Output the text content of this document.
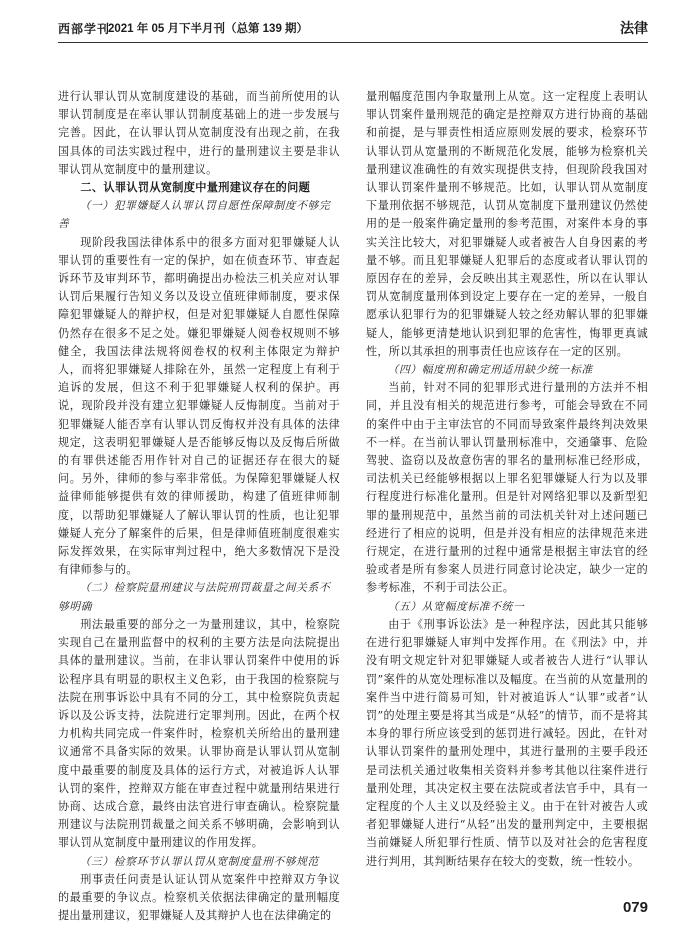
西部学刊
2021 年 05 月下半月刊（总第 139 期）	法律

进行认罪认罚从宽制度建设的基础，而当前所使用的认罪认罚制度是在率认罪认罚制度基础上的进一步发展与完善。因此，在认罪认罚从宽制度没有出现之前，在我国具体的司法实践过程中，进行的量刑建议主要是非认罪认罚从宽制度中的量刑建议。

二、认罪认罚从宽制度中量刑建议存在的问题

（一）犯罪嫌疑人认罪认罚自愿性保障制度不够完善

现阶段我国法律体系中的很多方面对犯罪嫌疑人认罪认罚的重要性有一定的保护，如在侦查环节、审查起诉环节及审判环节，都明确提出办检法三机关应对认罪认罚后果履行告知义务以及设立值班律师制度，要求保障犯罪嫌疑人的辩护权，但是对犯罪嫌疑人自愿性保障仍然存在很多不足之处。嫌犯罪嫌疑人阅卷权规则不够健全，我国法律法规将阅卷权的权利主体限定为辩护人，而将犯罪嫌疑人排除在外，虽然一定程度上有利于追诉的发展，但这不利于犯罪嫌疑人权利的保护。再说，现阶段并没有建立犯罪嫌疑人反悔制度。当前对于犯罪嫌疑人能否享有认罪认罚反悔权并没有具体的法律规定，这表明犯罪嫌疑人是否能够反悔以及反悔后所做的有罪供述能否用作针对自己的证据还存在很大的疑问。另外，律师的参与率非常低。为保障犯罪嫌疑人权益律师能够提供有效的律师援助，构建了值班律师制度，以帮助犯罪嫌疑人了解认罪认罚的性质，也让犯罪嫌疑人充分了解案件的后果，但是律师值班制度很难实际发挥效果，在实际审判过程中，绝大多数情况下是没有律师参与的。

（二）检察院量刑建议与法院刑罚裁量之间关系不够明确

刑法最重要的部分之一为量刑建议，其中，检察院实现自己在量刑监督中的权利的主要方法是向法院提出具体的量刑建议。当前，在非认罪认罚案件中使用的诉讼程序具有明显的职权主义色彩，由于我国的检察院与法院在刑事诉讼中具有不同的分工，其中检察院负责起诉以及公诉支持，法院进行定罪判刑。因此，在两个权力机构共同完成一件案件时，检察机关所给出的量刑建议通常不具备实际的效果。认罪协商是认罪认罚从宽制度中最重要的制度及具体的运行方式，对被追诉人认罪认罚的案件，控辩双方能在审查过程中就量刑结果进行协商、达成合意，最终由法官进行审查确认。检察院量刑建议与法院刑罚裁量之间关系不够明确，会影响到认罪认罚从宽制度中量刑建议的作用发挥。

（三）检察环节认罪认罚从宽制度量刑不够规范

刑事责任问责是认证认罚从宽案件中控辩双方争议的最重要的争议点。检察机关依据法律确定的量刑幅度提出量刑建议，犯罪嫌疑人及其辩护人也在法律确定的

量刑幅度范围内争取量刑上从宽。这一定程度上表明认罪认罚案件量刑规范的确定是控辩双方进行协商的基础和前提，是与罪责性相适应原则发展的要求，检察环节认罪认罚从宽量刑的不断规范化发展，能够为检察机关量刑建议准确性的有效实现提供支持，但现阶段我国对认罪认罚案件量刑不够规范。比如，认罪认罚从宽制度下量刑依据不够规范，认罚从宽制度下量刑建议仍然使用的是一般案件确定量刑的参考范围，对案件本身的事实关注比较大，对犯罪嫌疑人或者被告人自身因素的考量不够。而且犯罪嫌疑人犯罪后的态度或者认罪认罚的原因存在的差异，会反映出其主观恶性，所以在认罪认罚从宽制度量刑体到设定上要存在一定的差异，一般自愿承认犯罪行为的犯罪嫌疑人较之经劝解认罪的犯罪嫌疑人，能够更清楚地认识到犯罪的危害性，悔罪更真诚性，所以其承担的刑事责任也应该存在一定的区别。

（四）幅度刑和确定刑适用缺少统一标准

当前，针对不同的犯罪形式进行量刑的方法并不相同，并且没有相关的规范进行参考，可能会导致在不同的案件中由于主审法官的不同而导致案件最终判决效果不一样。在当前认罪认罚量刑标准中，交通肇事、危险驾驶、盗窃以及故意伤害的罪名的量刑标准已经形成，司法机关已经能够根据以上罪名犯罪嫌疑人行为以及罪行程度进行标准化量刑。但是针对网络犯罪以及新型犯罪的量刑规范中，虽然当前的司法机关针对上述问题已经进行了相应的说明，但是并没有相应的法律规范来进行规定，在进行量刑的过程中通常是根据主审法官的经验或者是所有参案人员进行同意讨论决定，缺少一定的参考标准，不利于司法公正。

（五）从宽幅度标准不统一

由于《刑事诉讼法》是一种程序法，因此其只能够在进行犯罪嫌疑人审判中发挥作用。在《刑法》中，并没有明文规定针对犯罪嫌疑人或者被告人进行“认罪认罚”案件的从宽处理标准以及幅度。在当前的从宽量刑的案件当中进行简易可知，针对被追诉人“认罪”或者“认罚”的处理主要是将其当成是“从轻”的情节，而不是将其本身的罪行所应该受到的惩罚进行减轻。因此，在针对认罪认罚案件的量刑处理中，其进行量刑的主要手段还是司法机关通过收集相关资料并参考其他以往案件进行量刑处理，其决定权主要在法院或者法官手中，具有一定程度的个人主义以及经验主义。由于在针对被告人或者犯罪嫌疑人进行“从轻”出发的量刑判定中，主要根据当前嫌疑人所犯罪行性质、情节以及对社会的危害程度进行判用，其判断结果存在较大的变数，统一性较小。

079
